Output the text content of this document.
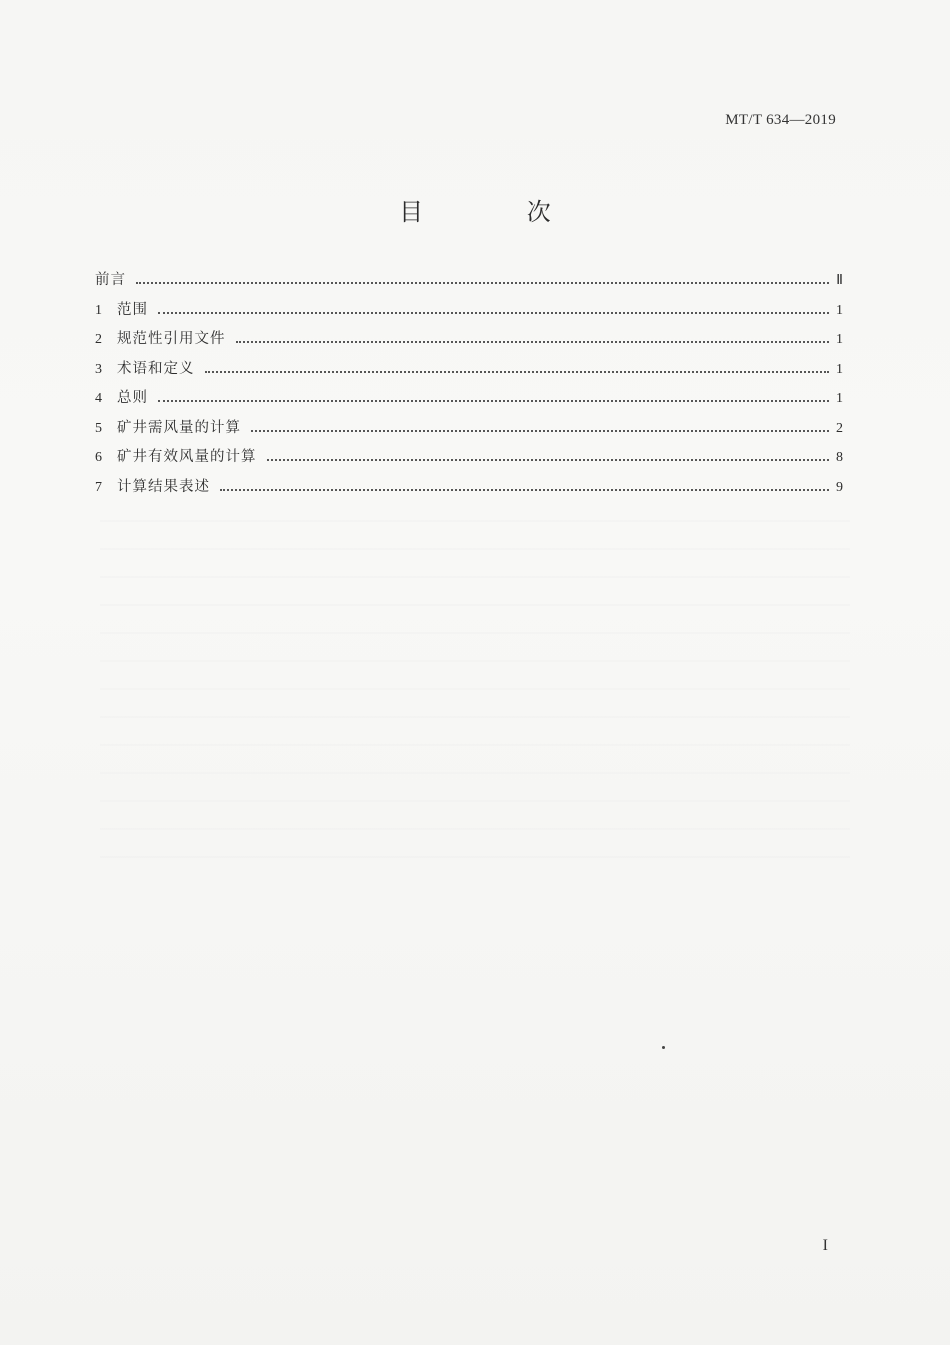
MT/T 634—2019
目 次
前言	Ⅱ
1	范围	1
2	规范性引用文件	1
3	术语和定义	1
4	总则	1
5	矿井需风量的计算	2
6	矿井有效风量的计算	8
7	计算结果表述	9
I
